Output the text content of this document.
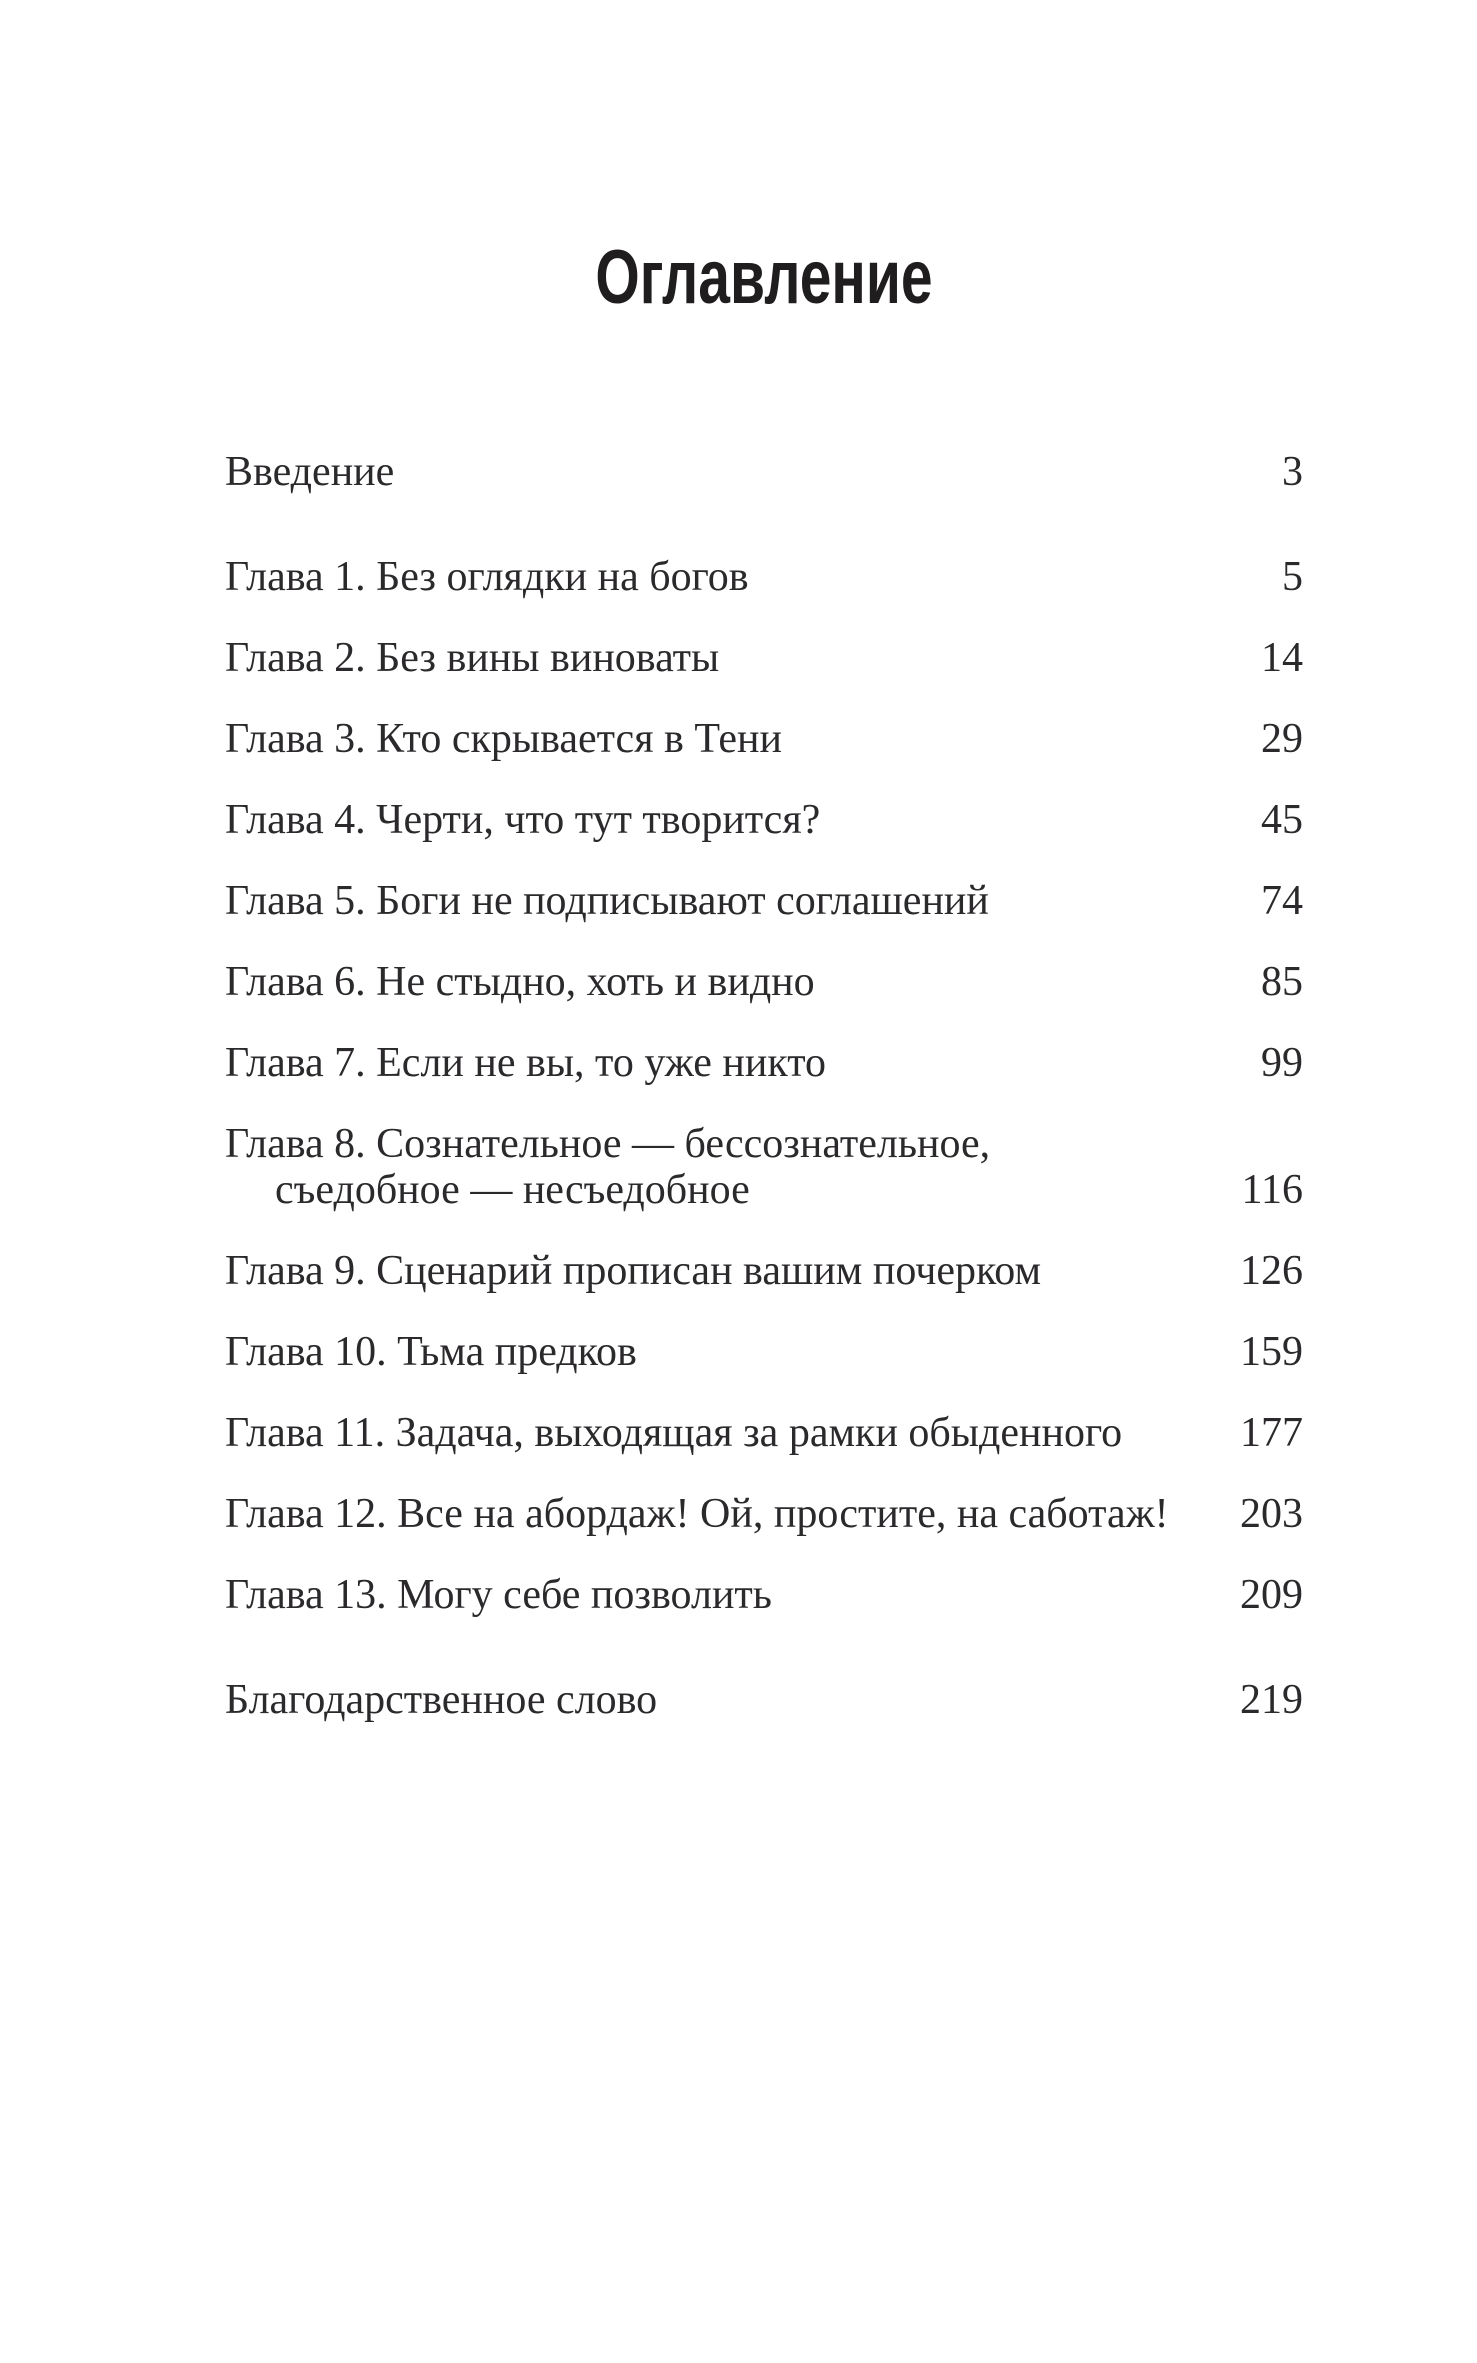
Оглавление
Введение	3
Глава 1. Без оглядки на богов	5
Глава 2. Без вины виноваты	14
Глава 3. Кто скрывается в Тени	29
Глава 4. Черти, что тут творится?	45
Глава 5. Боги не подписывают соглашений	74
Глава 6. Не стыдно, хоть и видно	85
Глава 7. Если не вы, то уже никто	99
Глава 8. Сознательное — бессознательное,
съедобное — несъедобное	116
Глава 9. Сценарий прописан вашим почерком	126
Глава 10. Тьма предков	159
Глава 11. Задача, выходящая за рамки обыденного	177
Глава 12. Все на абордаж! Ой, простите, на саботаж!	203
Глава 13. Могу себе позволить	209
Благодарственное слово	219
